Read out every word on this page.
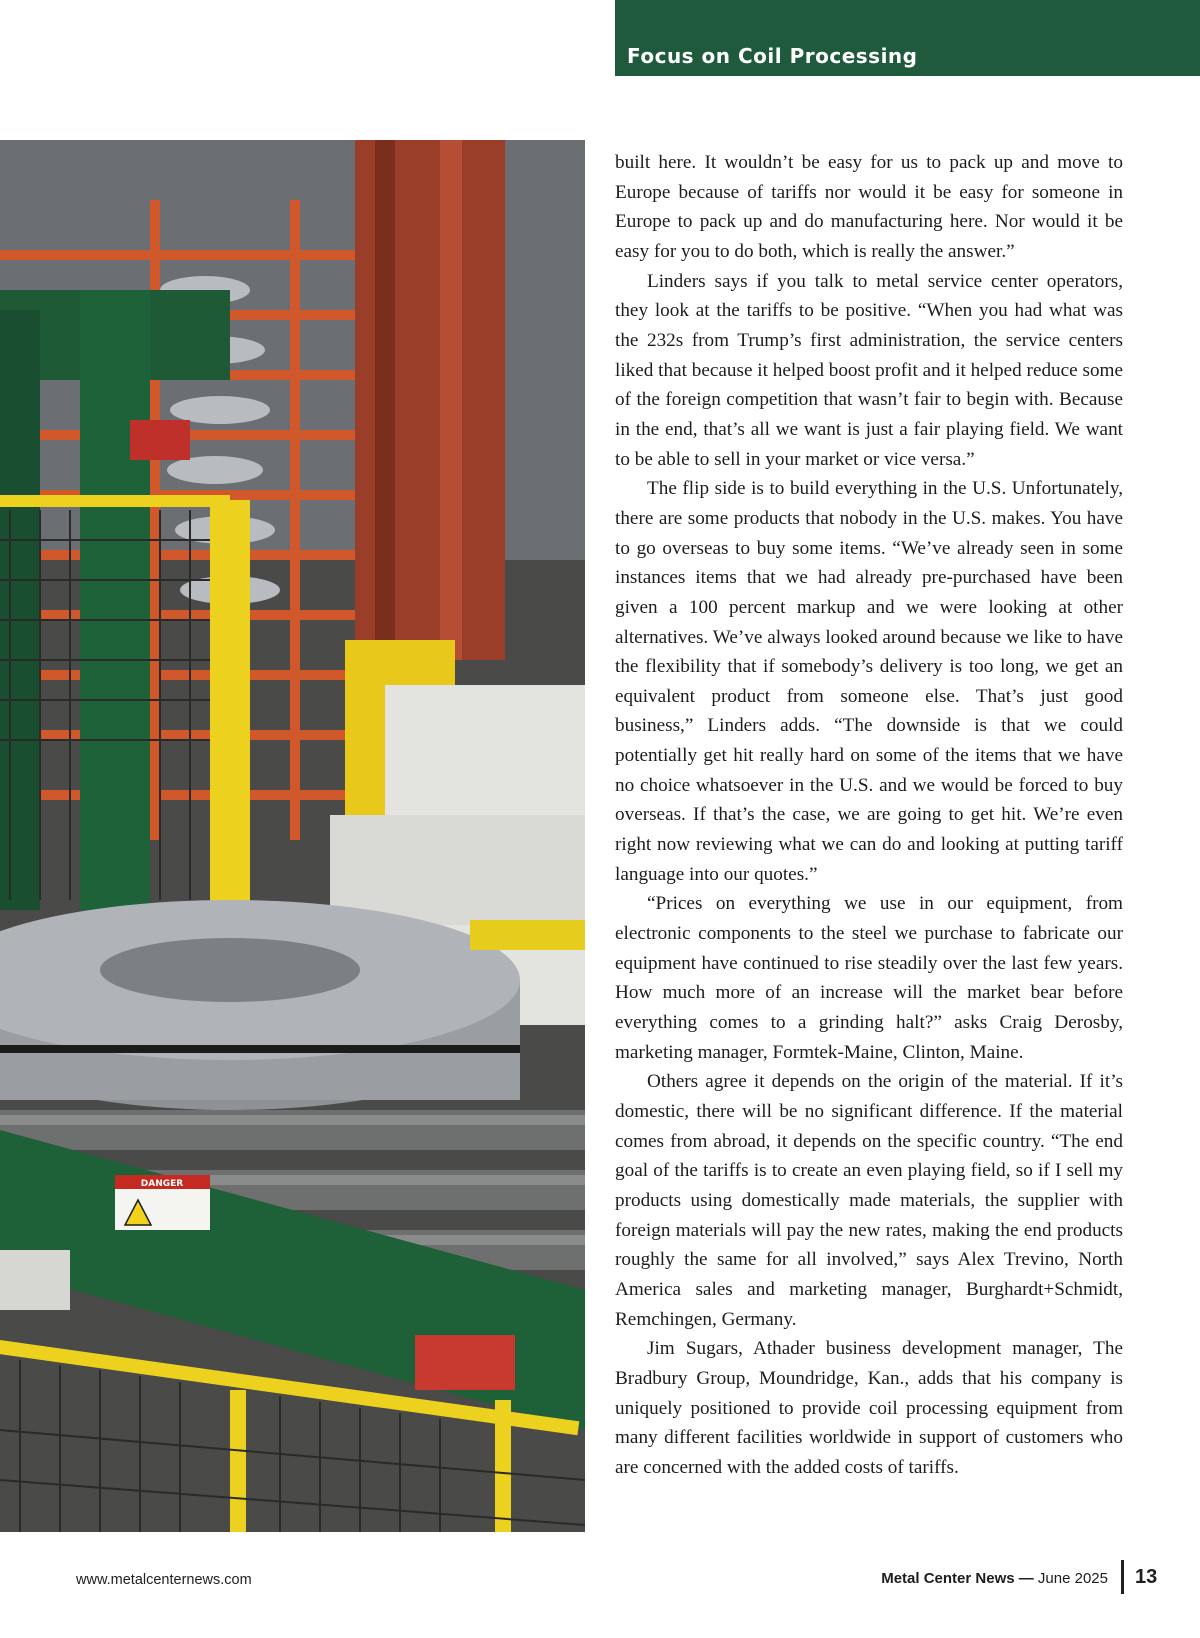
Focus on Coil Processing
DANGER

built here. It wouldn’t be easy for us to pack up and move to Europe because of tariffs nor would it be easy for someone in Europe to pack up and do manufacturing here. Nor would it be easy for you to do both, which is really the answer.”

Linders says if you talk to metal service center operators, they look at the tariffs to be positive. “When you had what was the 232s from Trump’s first administration, the service centers liked that because it helped boost profit and it helped reduce some of the foreign competition that wasn’t fair to begin with. Because in the end, that’s all we want is just a fair playing field. We want to be able to sell in your market or vice versa.”

The flip side is to build everything in the U.S. Unfortunately, there are some products that nobody in the U.S. makes. You have to go overseas to buy some items. “We’ve already seen in some instances items that we had already pre-purchased have been given a 100 percent markup and we were looking at other alternatives. We’ve always looked around because we like to have the flexibility that if somebody’s delivery is too long, we get an equivalent product from someone else. That’s just good business,” Linders adds. “The downside is that we could potentially get hit really hard on some of the items that we have no choice whatsoever in the U.S. and we would be forced to buy overseas. If that’s the case, we are going to get hit. We’re even right now reviewing what we can do and looking at putting tariff language into our quotes.”

“Prices on everything we use in our equipment, from electronic components to the steel we purchase to fabricate our equipment have continued to rise steadily over the last few years. How much more of an increase will the market bear before everything comes to a grinding halt?” asks Craig Derosby, marketing manager, Formtek-Maine, Clinton, Maine.

Others agree it depends on the origin of the material. If it’s domestic, there will be no significant difference. If the material comes from abroad, it depends on the specific country. “The end goal of the tariffs is to create an even playing field, so if I sell my products using domestically made materials, the supplier with foreign materials will pay the new rates, making the end products roughly the same for all involved,” says Alex Trevino, North America sales and marketing manager, Burghardt+Schmidt, Remchingen, Germany.

Jim Sugars, Athader business development manager, The Bradbury Group, Moundridge, Kan., adds that his company is uniquely positioned to provide coil processing equipment from many different facilities worldwide in support of customers who are concerned with the added costs of tariffs.

www.metalcenternews.com	Metal Center News — June 2025 13
